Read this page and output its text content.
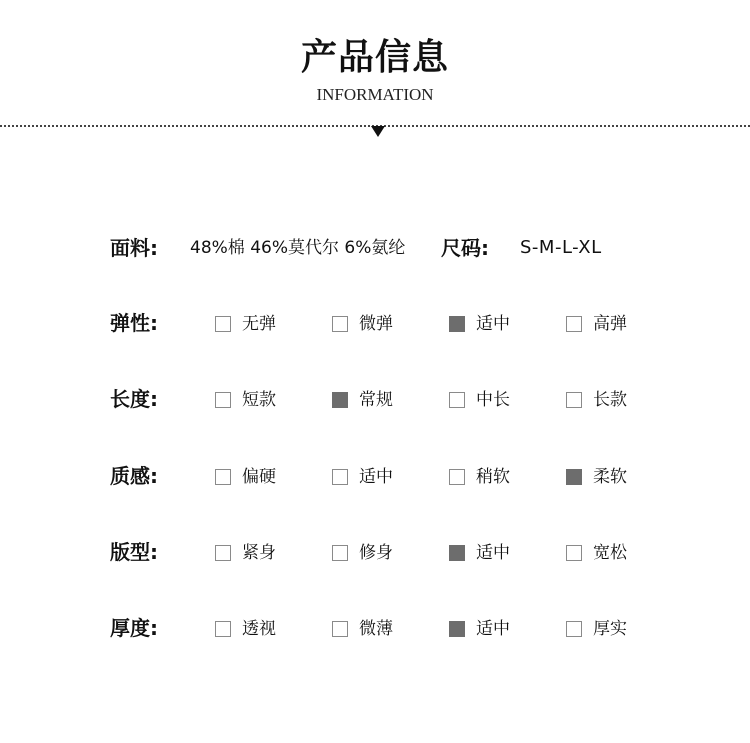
产品信息
INFORMATION
面料: 48%棉 46%莫代尔 6%氨纶 尺码: S-M-L-XL
弹性:	无弹	微弹	适中	高弹
长度:	短款	常规	中长	长款
质感:	偏硬	适中	稍软	柔软
版型:	紧身	修身	适中	宽松
厚度:	透视	微薄	适中	厚实
